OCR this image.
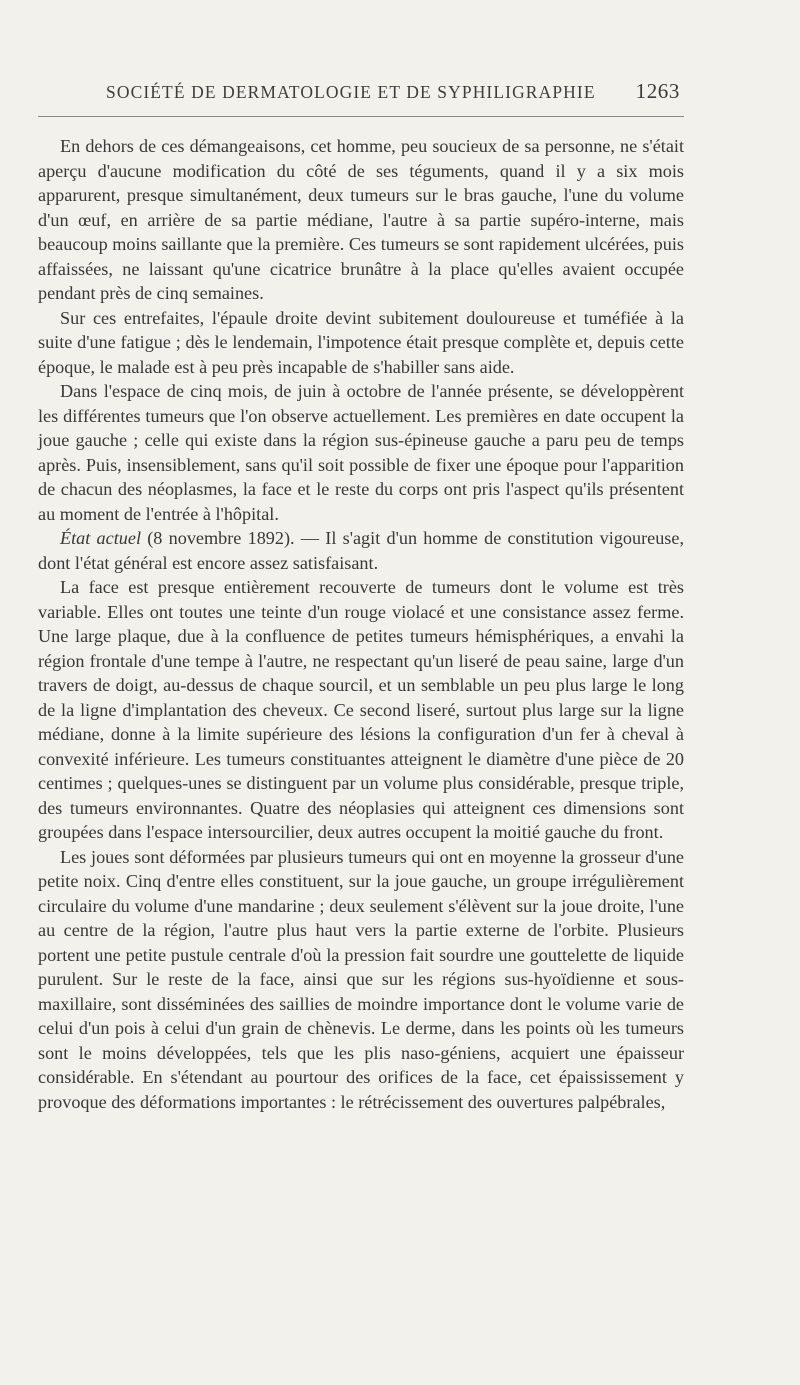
SOCIÉTÉ DE DERMATOLOGIE ET DE SYPHILIGRAPHIE 1263

En dehors de ces démangeaisons, cet homme, peu soucieux de sa personne, ne s'était aperçu d'aucune modification du côté de ses téguments, quand il y a six mois apparurent, presque simultanément, deux tumeurs sur le bras gauche, l'une du volume d'un œuf, en arrière de sa partie médiane, l'autre à sa partie supéro-interne, mais beaucoup moins saillante que la première. Ces tumeurs se sont rapidement ulcérées, puis affaissées, ne laissant qu'une cicatrice brunâtre à la place qu'elles avaient occupée pendant près de cinq semaines.

Sur ces entrefaites, l'épaule droite devint subitement douloureuse et tuméfiée à la suite d'une fatigue ; dès le lendemain, l'impotence était presque complète et, depuis cette époque, le malade est à peu près incapable de s'habiller sans aide.

Dans l'espace de cinq mois, de juin à octobre de l'année présente, se développèrent les différentes tumeurs que l'on observe actuellement. Les premières en date occupent la joue gauche ; celle qui existe dans la région sus-épineuse gauche a paru peu de temps après. Puis, insensiblement, sans qu'il soit possible de fixer une époque pour l'apparition de chacun des néoplasmes, la face et le reste du corps ont pris l'aspect qu'ils présentent au moment de l'entrée à l'hôpital.

État actuel (8 novembre 1892). — Il s'agit d'un homme de constitution vigoureuse, dont l'état général est encore assez satisfaisant.

La face est presque entièrement recouverte de tumeurs dont le volume est très variable. Elles ont toutes une teinte d'un rouge violacé et une consistance assez ferme. Une large plaque, due à la confluence de petites tumeurs hémisphériques, a envahi la région frontale d'une tempe à l'autre, ne respectant qu'un liseré de peau saine, large d'un travers de doigt, au-dessus de chaque sourcil, et un semblable un peu plus large le long de la ligne d'implantation des cheveux. Ce second liseré, surtout plus large sur la ligne médiane, donne à la limite supérieure des lésions la configuration d'un fer à cheval à convexité inférieure. Les tumeurs constituantes atteignent le diamètre d'une pièce de 20 centimes ; quelques-unes se distinguent par un volume plus considérable, presque triple, des tumeurs environnantes. Quatre des néoplasies qui atteignent ces dimensions sont groupées dans l'espace intersourcilier, deux autres occupent la moitié gauche du front.

Les joues sont déformées par plusieurs tumeurs qui ont en moyenne la grosseur d'une petite noix. Cinq d'entre elles constituent, sur la joue gauche, un groupe irrégulièrement circulaire du volume d'une mandarine ; deux seulement s'élèvent sur la joue droite, l'une au centre de la région, l'autre plus haut vers la partie externe de l'orbite. Plusieurs portent une petite pustule centrale d'où la pression fait sourdre une gouttelette de liquide purulent. Sur le reste de la face, ainsi que sur les régions sus-hyoïdienne et sous-maxillaire, sont disséminées des saillies de moindre importance dont le volume varie de celui d'un pois à celui d'un grain de chènevis. Le derme, dans les points où les tumeurs sont le moins développées, tels que les plis naso-géniens, acquiert une épaisseur considérable. En s'étendant au pourtour des orifices de la face, cet épaississement y provoque des déformations importantes : le rétrécissement des ouvertures palpébrales,
